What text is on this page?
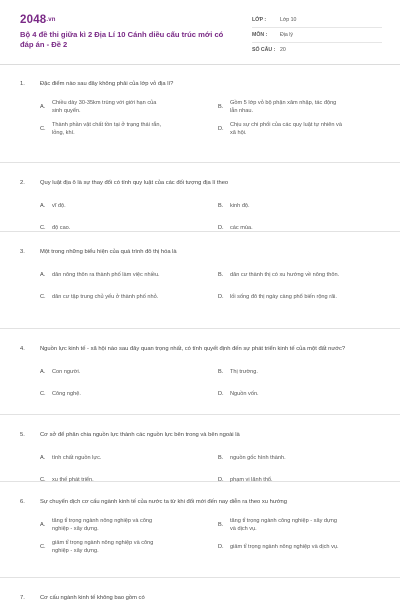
2048.vn
Bộ 4 đề thi giữa kì 2 Địa Lí 10 Cánh diều cấu trúc mới có đáp án - Đề 2
LỚP :	Lớp 10
MÔN :	Địa lý
SỐ CÂU : 20
1.	Đặc điểm nào sau đây không phải của lớp vỏ địa lí?
A.
Chiều dày 30-35km trùng với giới hạn của sinh quyển.
B.
Gồm 5 lớp vỏ bộ phận xâm nhập, tác động lẫn nhau.
C.
Thành phần vật chất tồn tại ở trạng thái rắn, lỏng, khí.
D.
Chịu sự chi phối của các quy luật tự nhiên và xã hội.
2.	Quy luật địa ô là sự thay đổi có tính quy luật của các đối tượng địa lí theo
A.	vĩ độ.	B.	kinh độ.
C.	độ cao.	D.	các mùa.
3.	Một trong những biểu hiện của quá trình đô thị hóa là
A.	dân nông thôn ra thành phố làm việc nhiều.	B.	dân cư thành thị có xu hướng về nông thôn.
C.	dân cư tập trung chủ yếu ở thành phố nhỏ.	D.	lối sống đô thị ngày càng phổ biến rộng rãi.
4.	Nguồn lực kinh tế - xã hội nào sau đây quan trọng nhất, có tính quyết định đến sự phát triển kinh tế của một đất nước?
A.	Con người.	B.	Thị trường.
C.	Công nghệ.	D.	Nguồn vốn.
5.	Cơ sở để phân chia nguồn lực thành các nguồn lực bên trong và bên ngoài là
A.	tính chất nguồn lực.	B.	nguồn gốc hình thành.
C.	xu thế phát triển.	D.	phạm vi lãnh thổ.
6.	Sự chuyển dịch cơ cấu ngành kinh tế của nước ta từ khi đổi mới đến nay diễn ra theo xu hướng
A.
tăng tỉ trọng ngành nông nghiệp và công nghiệp - xây dựng.
B.
tăng tỉ trọng ngành công nghiệp - xây dựng và dịch vụ.
C.
giảm tỉ trọng ngành nông nghiệp và công nghiệp - xây dựng.
D.	giảm tỉ trọng ngành nông nghiệp và dịch vụ.
7.	Cơ cấu ngành kinh tế không bao gồm có
